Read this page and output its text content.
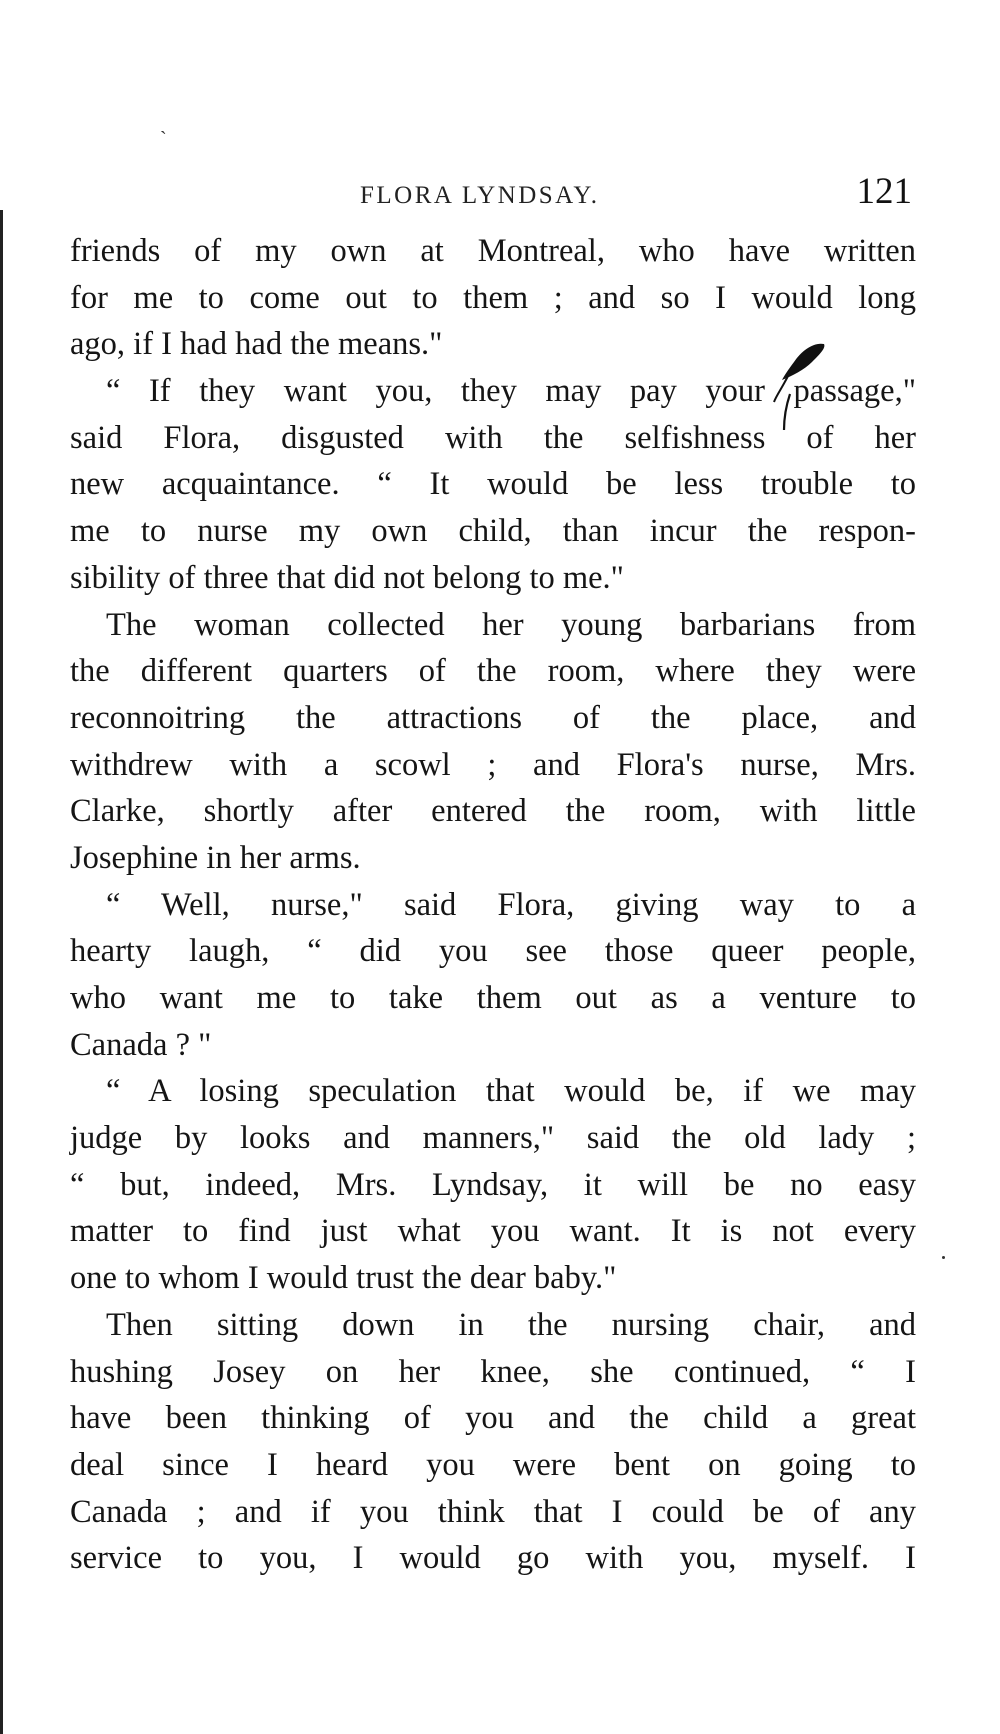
`
FLORA LYNDSAY.	121
friends of my own at Montreal, who have written
for me to come out to them ; and so I would long
ago, if I had had the means."
“ If they want you, they may pay your passage,"
said Flora, disgusted with the selfishness of her
new acquaintance. “ It would be less trouble to
me to nurse my own child, than incur the respon-
sibility of three that did not belong to me."
The woman collected her young barbarians from
the different quarters of the room, where they were
reconnoitring the attractions of the place, and
withdrew with a scowl ; and Flora's nurse, Mrs.
Clarke, shortly after entered the room, with little
Josephine in her arms.
“ Well, nurse," said Flora, giving way to a
hearty laugh, “ did you see those queer people,
who want me to take them out as a venture to
Canada ? "
“ A losing speculation that would be, if we may
judge by looks and manners," said the old lady ;
“ but, indeed, Mrs. Lyndsay, it will be no easy
matter to find just what you want. It is not every
one to whom I would trust the dear baby."
Then sitting down in the nursing chair, and
hushing Josey on her knee, she continued, “ I
have been thinking of you and the child a great
deal since I heard you were bent on going to
Canada ; and if you think that I could be of any
service to you, I would go with you, myself. I
